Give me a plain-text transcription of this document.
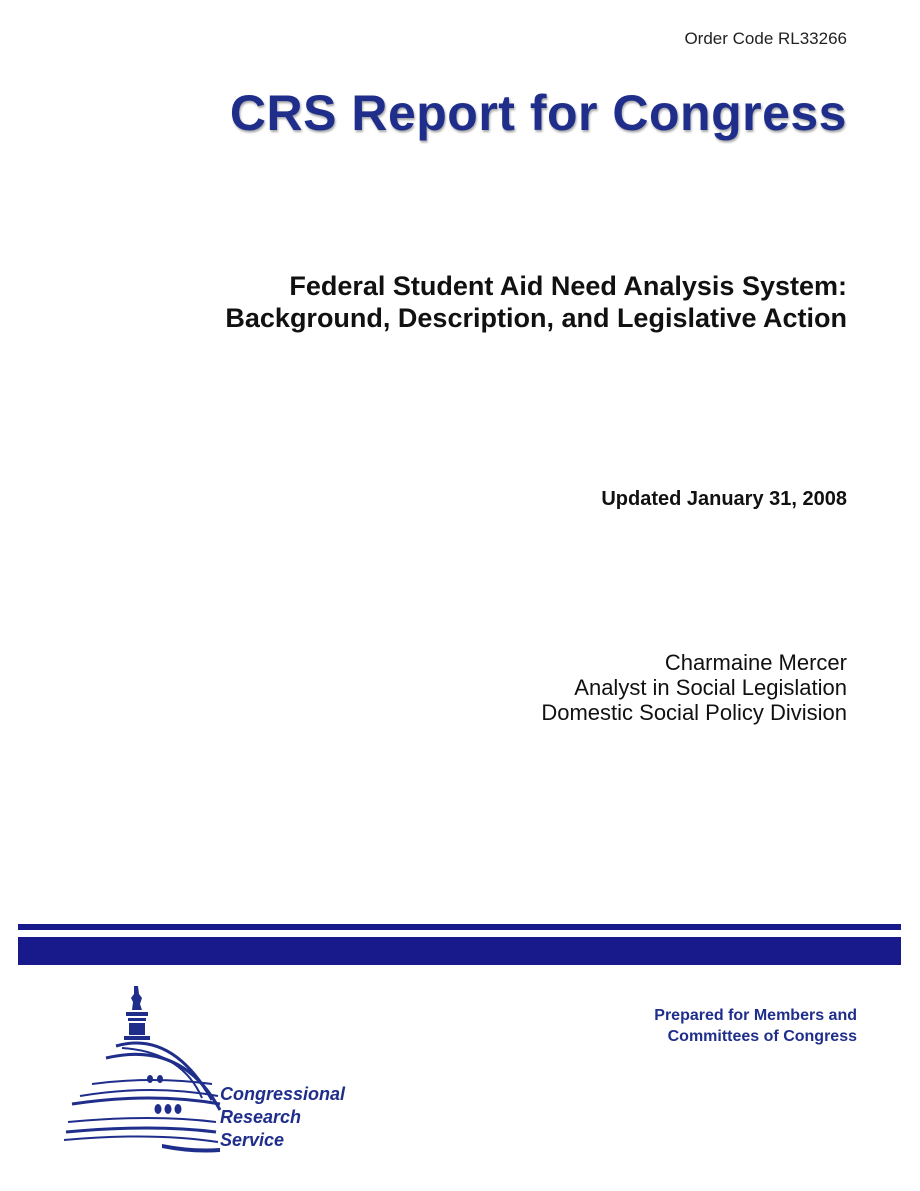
Order Code RL33266
CRS Report for Congress
Federal Student Aid Need Analysis System:
Background, Description, and Legislative Action
Updated January 31, 2008
Charmaine Mercer
Analyst in Social Legislation
Domestic Social Policy Division
Congressional
Research
Service
Prepared for Members and
Committees of Congress
